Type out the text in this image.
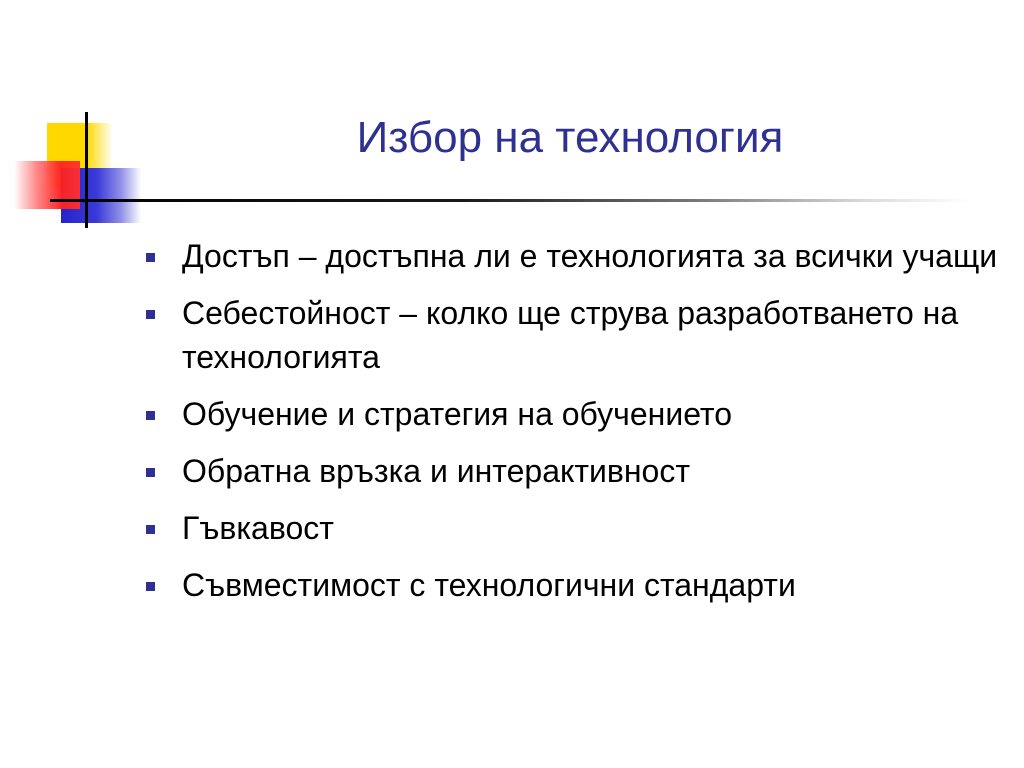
Избор на технология
Достъп – достъпна ли е технологията за всички учащи
Себестойност – колко ще струва разработването на технологията
Обучение и стратегия на обучението
Обратна връзка и интерактивност
Гъвкавост
Съвместимост с технологични стандарти
